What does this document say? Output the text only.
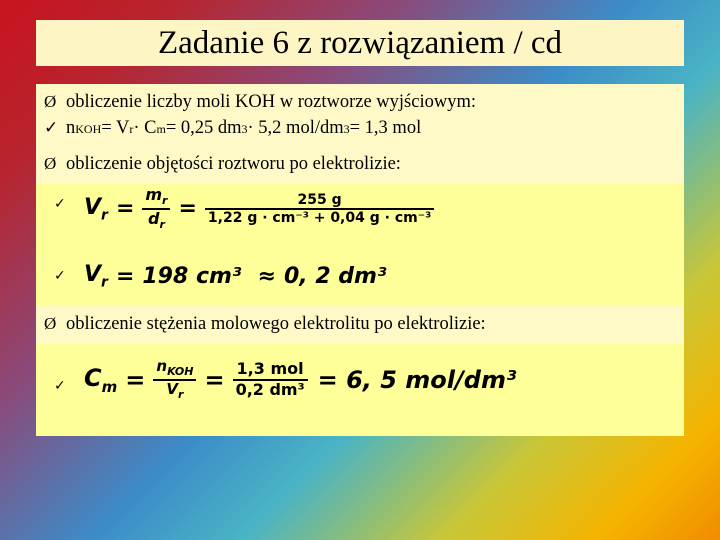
Zadanie 6 z rozwiązaniem / cd
Ø obliczenie liczby moli KOH w roztworze wyjściowym:
✓ n KOH = V r · C m = 0,25 dm 3 · 5,2 mol/dm 3 = 1,3 mol
Ø obliczenie objętości roztworu po elektrolizie:
✓ $V_r = \frac{m_r}{d_r} = \frac{255 g}{\text{1,22 g · cm⁻³ + 0,04 g · cm⁻³}}$
✓ $V_r = 198$ cm³ ≈ 0, 2 dm³
Ø obliczenie stężenia molowego elektrolitu po elektrolizie:
✓ $C_m = \frac{n_{KOH}}{V_r} = \frac{\text{1,3 mol}}{\text{0,2 dm³}} = 6$, 5 mol/dm³
